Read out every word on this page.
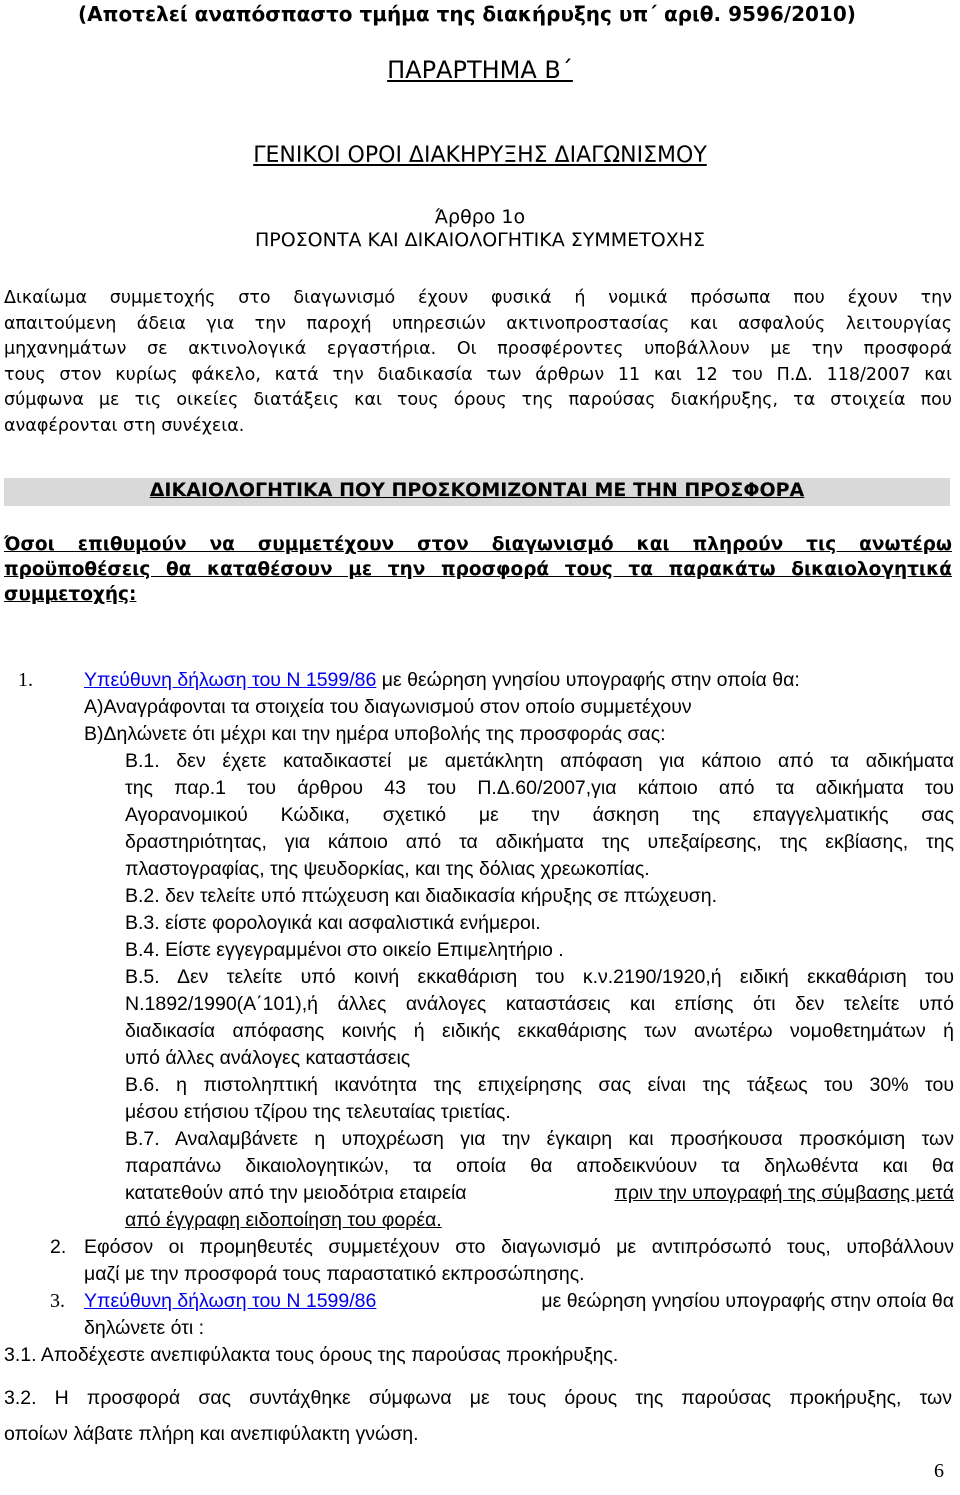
(Αποτελεί αναπόσπαστο τμήμα της διακήρυξης υπ΄ αριθ. 9596/2010)
ΠΑΡΑΡΤΗΜΑ Β΄
ΓΕΝΙΚΟΙ ΟΡΟΙ ΔΙΑΚΗΡΥΞΗΣ ΔΙΑΓΩΝΙΣΜΟΥ
Άρθρο 1ο
ΠΡΟΣΟΝΤΑ ΚΑΙ ΔΙΚΑΙΟΛΟΓΗΤΙΚΑ ΣΥΜΜΕΤΟΧΗΣ
Δικαίωμα συμμετοχής στο διαγωνισμό έχουν φυσικά ή νομικά πρόσωπα που έχουν την
απαιτούμενη άδεια για την παροχή υπηρεσιών ακτινοπροστασίας και ασφαλούς λειτουργίας
μηχανημάτων σε ακτινολογικά εργαστήρια. Οι προσφέροντες υποβάλλουν με την προσφορά
τους στον κυρίως φάκελο, κατά την διαδικασία των άρθρων 11 και 12 του Π.Δ. 118/2007 και
σύμφωνα με τις οικείες διατάξεις και τους όρους της παρούσας διακήρυξης, τα στοιχεία που
αναφέρονται στη συνέχεια.
ΔΙΚΑΙΟΛΟΓΗΤΙΚΑ ΠΟΥ ΠΡΟΣΚΟΜΙΖΟΝΤΑΙ ΜΕ ΤΗΝ ΠΡΟΣΦΟΡΑ
Όσοι επιθυμούν να συμμετέχουν στον διαγωνισμό και πληρούν τις ανωτέρω
προϋποθέσεις θα καταθέσουν με την προσφορά τους τα παρακάτω δικαιολογητικά
συμμετοχής:
1.	Υπεύθυνη δήλωση του Ν 1599/86 με θεώρηση γνησίου υπογραφής στην οποία θα:
Α)Αναγράφονται τα στοιχεία του διαγωνισμού στον οποίο συμμετέχουν
Β)Δηλώνετε ότι μέχρι και την ημέρα υποβολής της προσφοράς σας:
Β.1. δεν έχετε καταδικαστεί με αμετάκλητη απόφαση για κάποιο από τα αδικήματα
της παρ.1 του άρθρου 43 του Π.Δ.60/2007,για κάποιο από τα αδικήματα του
Αγορανομικού Κώδικα, σχετικό με την άσκηση της επαγγελματικής σας
δραστηριότητας, για κάποιο από τα αδικήματα της υπεξαίρεσης, της εκβίασης, της
πλαστογραφίας, της ψευδορκίας, και της δόλιας χρεωκοπίας.
Β.2. δεν τελείτε υπό πτώχευση και διαδικασία κήρυξης σε πτώχευση.
Β.3. είστε φορολογικά και ασφαλιστικά ενήμεροι.
Β.4. Είστε εγγεγραμμένοι στο οικείο Επιμελητήριο .
Β.5. Δεν τελείτε υπό κοινή εκκαθάριση του κ.ν.2190/1920,ή ειδική εκκαθάριση του
Ν.1892/1990(Α΄101),ή άλλες ανάλογες καταστάσεις και επίσης ότι δεν τελείτε υπό
διαδικασία απόφασης κοινής ή ειδικής εκκαθάρισης των ανωτέρω νομοθετημάτων ή
υπό άλλες ανάλογες καταστάσεις
Β.6. η πιστοληπτική ικανότητα της επιχείρησης σας είναι της τάξεως του 30% του
μέσου ετήσιου τζίρου της τελευταίας τριετίας.
Β.7. Αναλαμβάνετε η υποχρέωση για την έγκαιρη και προσήκουσα προσκόμιση των
παραπάνω δικαιολογητικών, τα οποία θα αποδεικνύουν τα δηλωθέντα και θα
κατατεθούν από την μειοδότρια εταιρεία	πριν την υπογραφή της σύμβασης μετά
από έγγραφη ειδοποίηση του φορέα.
2. Εφόσον οι προμηθευτές συμμετέχουν στο διαγωνισμό με αντιπρόσωπό τους, υποβάλλουν
μαζί με την προσφορά τους παραστατικό εκπροσώπησης.
3. Υπεύθυνη δήλωση του Ν 1599/86	με θεώρηση γνησίου υπογραφής στην οποία θα
δηλώνετε ότι :
3.1. Αποδέχεστε ανεπιφύλακτα τους όρους της παρούσας προκήρυξης.
3.2. Η προσφορά σας συντάχθηκε σύμφωνα με τους όρους της παρούσας προκήρυξης, των
οποίων λάβατε πλήρη και ανεπιφύλακτη γνώση.
6
